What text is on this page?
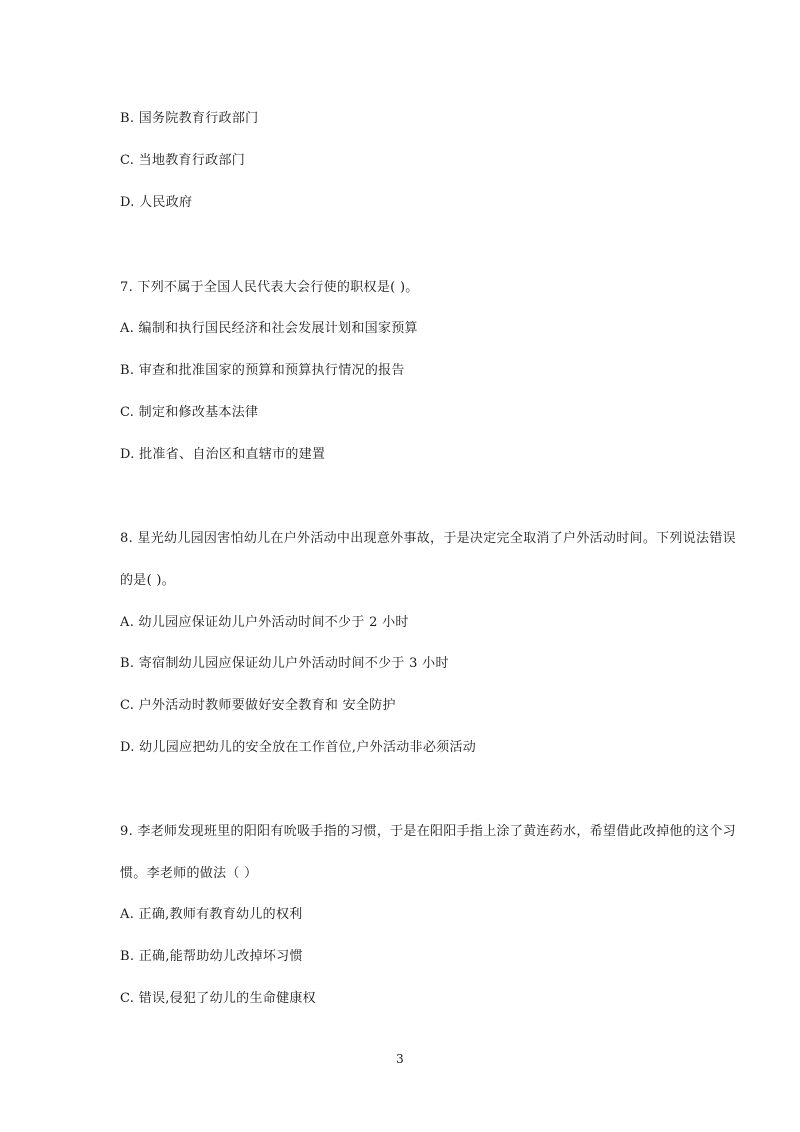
B. 国务院教育行政部门
C. 当地教育行政部门
D. 人民政府
7. 下列不属于全国人民代表大会行使的职权是( )。
A. 编制和执行国民经济和社会发展计划和国家预算
B. 审查和批准国家的预算和预算执行情况的报告
C. 制定和修改基本法律
D. 批准省、自治区和直辖市的建置
8. 星光幼儿园因害怕幼儿在户外活动中出现意外事故，于是决定完全取消了户外活动时间。下列说法错误
的是( )。
A. 幼儿园应保证幼儿户外活动时间不少于 2 小时
B. 寄宿制幼儿园应保证幼儿户外活动时间不少于 3 小时
C. 户外活动时教师要做好安全教育和 安全防护
D. 幼儿园应把幼儿的安全放在工作首位,户外活动非必须活动
9. 李老师发现班里的阳阳有吮吸手指的习惯，于是在阳阳手指上涂了黄连药水，希望借此改掉他的这个习
惯。李老师的做法（ ）
A. 正确,教师有教育幼儿的权利
B. 正确,能帮助幼儿改掉坏习惯
C. 错误,侵犯了幼儿的生命健康权
3
